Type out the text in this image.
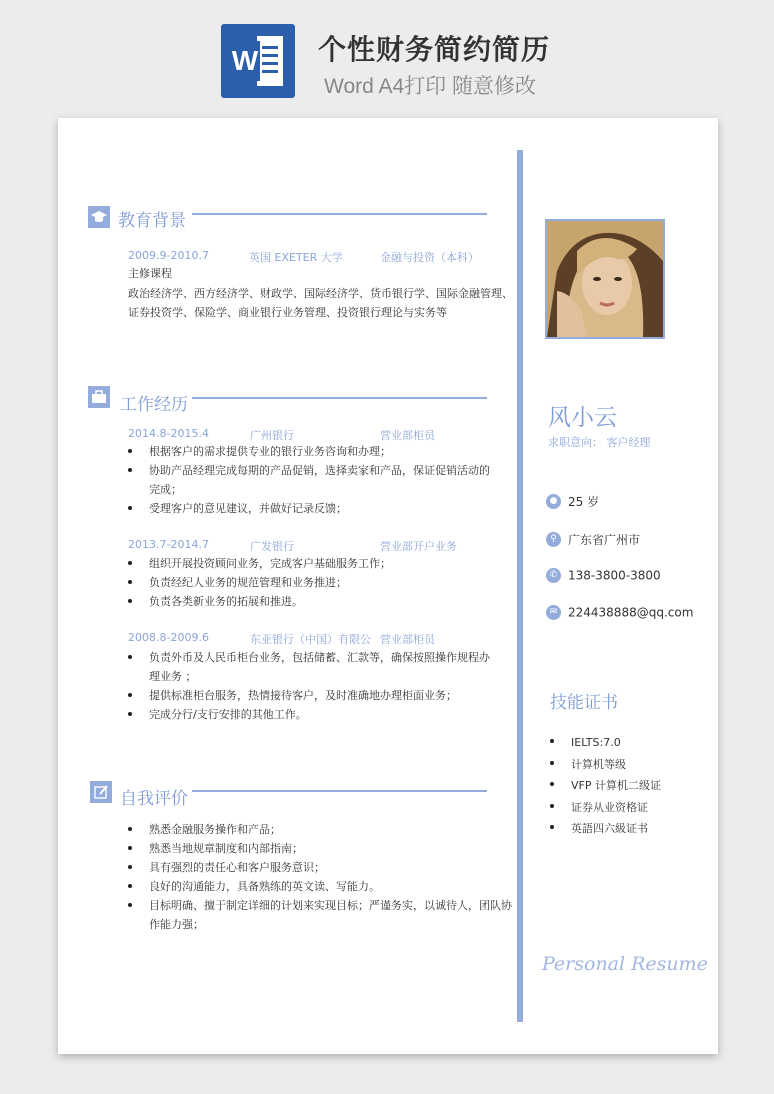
W 个性财务简约简历
Word A4打印 随意修改
教育背景
2009.9-2010.7	英国 EXETER 大学	金融与投资（本科）
主修课程
政治经济学、西方经济学、财政学、国际经济学、货币银行学、国际金融管理、
证券投资学、保险学、商业银行业务管理、投资银行理论与实务等
工作经历
2014.8-2015.4	广州银行	营业部柜员
根据客户的需求提供专业的银行业务咨询和办理；
协助产品经理完成每期的产品促销，选择卖家和产品，保证促销活动的完成；
受理客户的意见建议，并做好记录反馈；
2013.7-2014.7	广发银行	营业部开户业务
组织开展投资顾问业务，完成客户基础服务工作；
负责经纪人业务的规范管理和业务推进；
负责各类新业务的拓展和推进。
2008.8-2009.6	东亚银行（中国）有限公 营业部柜员
负责外币及人民币柜台业务，包括储蓄、汇款等，确保按照操作规程办理业务 ；
提供标准柜台服务，热情接待客户，及时准确地办理柜面业务；
完成分行/支行安排的其他工作。
自我评价
熟悉金融服务操作和产品；
熟悉当地规章制度和内部指南；
具有强烈的责任心和客户服务意识；
良好的沟通能力，具备熟练的英文读、写能力。
目标明确、擅于制定详细的计划来实现目标；严谨务实，以诚待人，团队协作能力强；
风小云
求职意向： 客户经理
● 25 岁
⚲ 广东省广州市
✆ 138-3800-3800
✉ 224438888@qq.com
技能证书
IELTS:7.0
计算机等级
VFP 计算机二级证
证券从业资格证
英語四六級证书
Personal Resume
